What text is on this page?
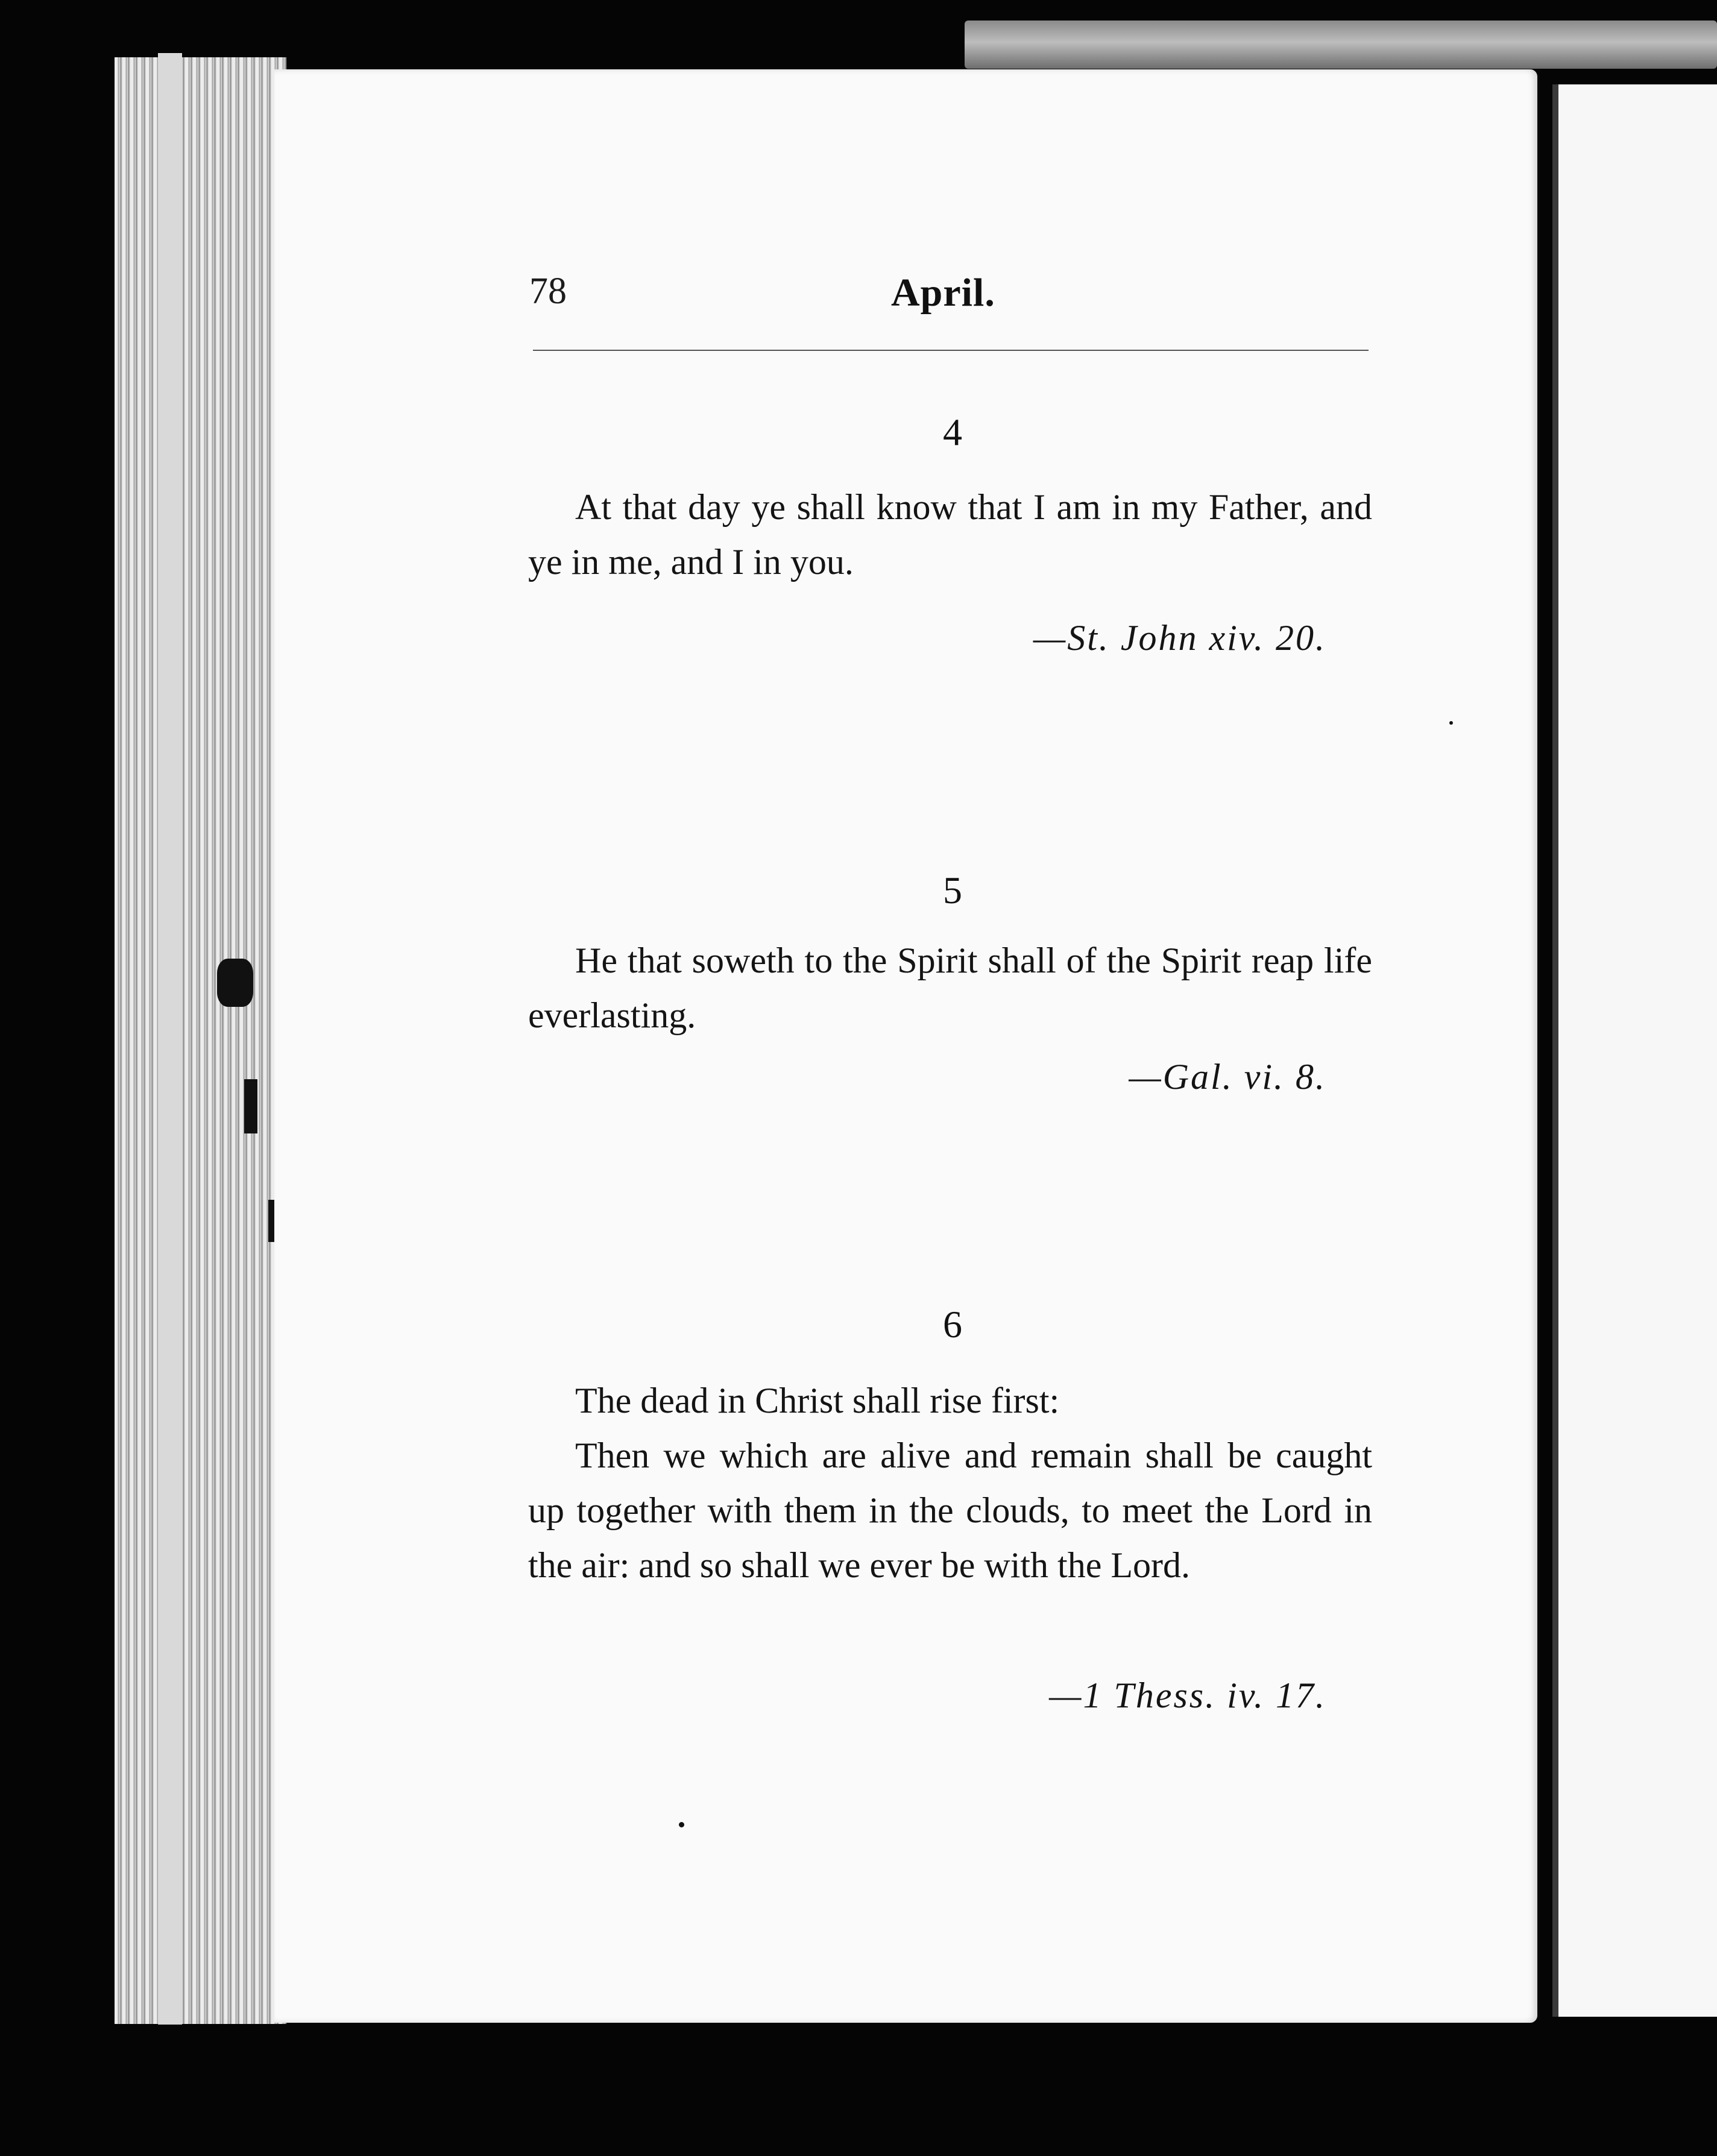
78	April.
4

At that day ye shall know that I am in my Father, and ye in me, and I in you.

—St. John xiv. 20.
5

He that soweth to the Spirit shall of the Spirit reap life everlasting.

—Gal. vi. 8.
6

The dead in Christ shall rise first:

Then we which are alive and remain shall be caught up together with them in the clouds, to meet the Lord in the air: and so shall we ever be with the Lord.

—1 Thess. iv. 17.
